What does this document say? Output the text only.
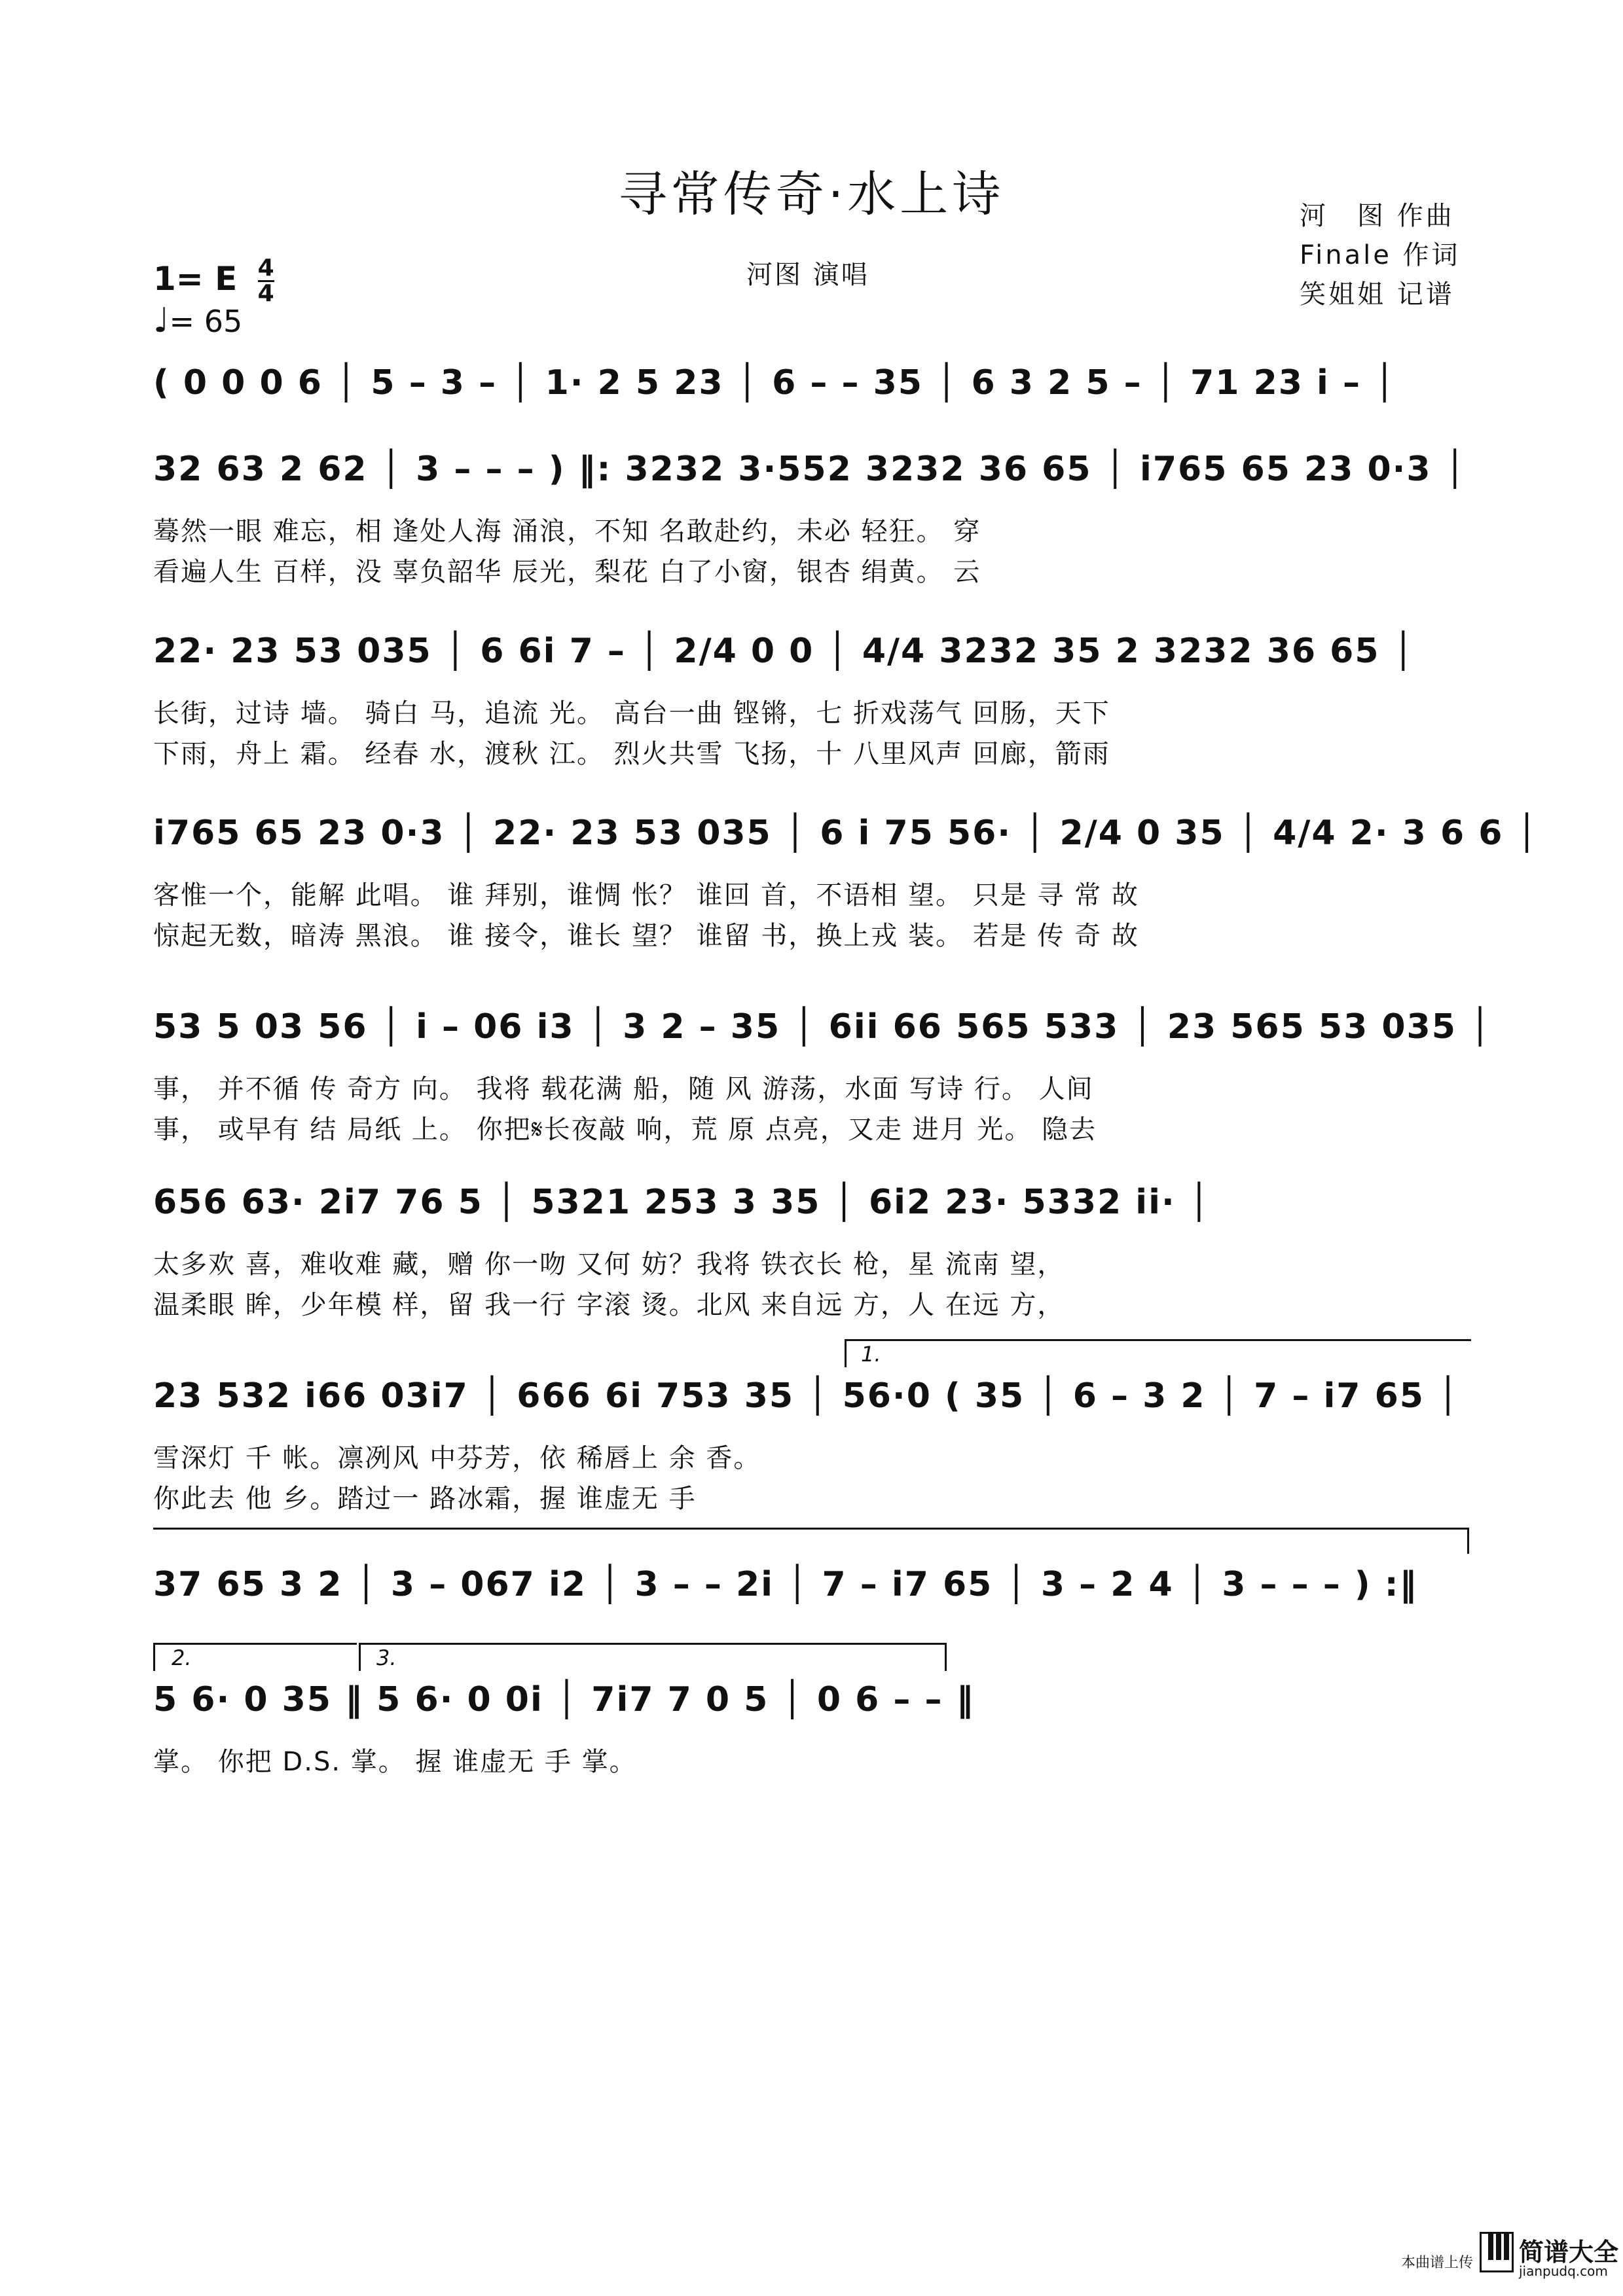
寻常传奇·水上诗
河图 演唱
河　图 作曲
Finale 作词
笑姐姐 记谱
1= E $\frac{4}{4}$
♩= 65
( 0 0 0 6 │ 5 – 3 – │ 1· 2 5 23 │ 6 – – 35 │ 6 3 2 5 – │ 71 23 i – │
32 63 2 62 │ 3 – – – ) ‖: 3232 3·552 3232 36 65 │ i765 65 23 0·3 │
蓦然一眼 难忘，相 逢处人海 涌浪，不知 名敢赴约，未必 轻狂。 穿
看遍人生 百样，没 辜负韶华 辰光，梨花 白了小窗，银杏 绢黄。 云
22· 23 53 035 │ 6 6i 7 – │ 2/4 0 0 │ 4/4 3232 35 2 3232 36 65 │
长街，过诗 墙。 骑白 马，追流 光。 高台一曲 铿锵，七 折戏荡气 回肠，天下
下雨，舟上 霜。 经春 水，渡秋 江。 烈火共雪 飞扬，十 八里风声 回廊，箭雨
i765 65 23 0·3 │ 22· 23 53 035 │ 6 i 75 56· │ 2/4 0 35 │ 4/4 2· 3 6 6 │
客惟一个，能解 此唱。 谁 拜别，谁惆 怅？ 谁回 首，不语相 望。 只是 寻 常 故
惊起无数，暗涛 黑浪。 谁 接令，谁长 望？ 谁留 书，换上戎 装。 若是 传 奇 故
53 5 03 56 │ i – 06 i3 │ 3 2 – 35 │ 6ii 66 565 533 │ 23 565 53 035 │
事， 并不循 传 奇方 向。 我将 载花满 船，随 风 游荡，水面 写诗 行。 人间
事， 或早有 结 局纸 上。 你把𝄋长夜敲 响，荒 原 点亮，又走 进月 光。 隐去
656 63· 2i7 76 5 │ 5321 253 3 35 │ 6i2 23· 5332 ii· │
太多欢 喜，难收难 藏，赠 你一吻 又何 妨？我将 铁衣长 枪，星 流南 望，
温柔眼 眸，少年模 样，留 我一行 字滚 烫。北风 来自远 方，人 在远 方，
1.
23 532 i66 03i7 │ 666 6i 753 35 │ 56·0 ( 35 │ 6 – 3 2 │ 7 – i7 65 │
雪深灯 千 帐。凛冽风 中芬芳，依 稀唇上 余 香。
你此去 他 乡。踏过一 路冰霜，握 谁虚无 手
37 65 3 2 │ 3 – 067 i2 │ 3 – – 2i │ 7 – i7 65 │ 3 – 2 4 │ 3 – – – ) :‖
2.	3.
5 6· 0 35 ‖ 5 6· 0 0i │ 7i7 7 0 5 │ 0 6 – – ‖
掌。 你把 D.S. 掌。 握 谁虚无 手 掌。
本曲谱上传 简谱大全
jianpudq.com
